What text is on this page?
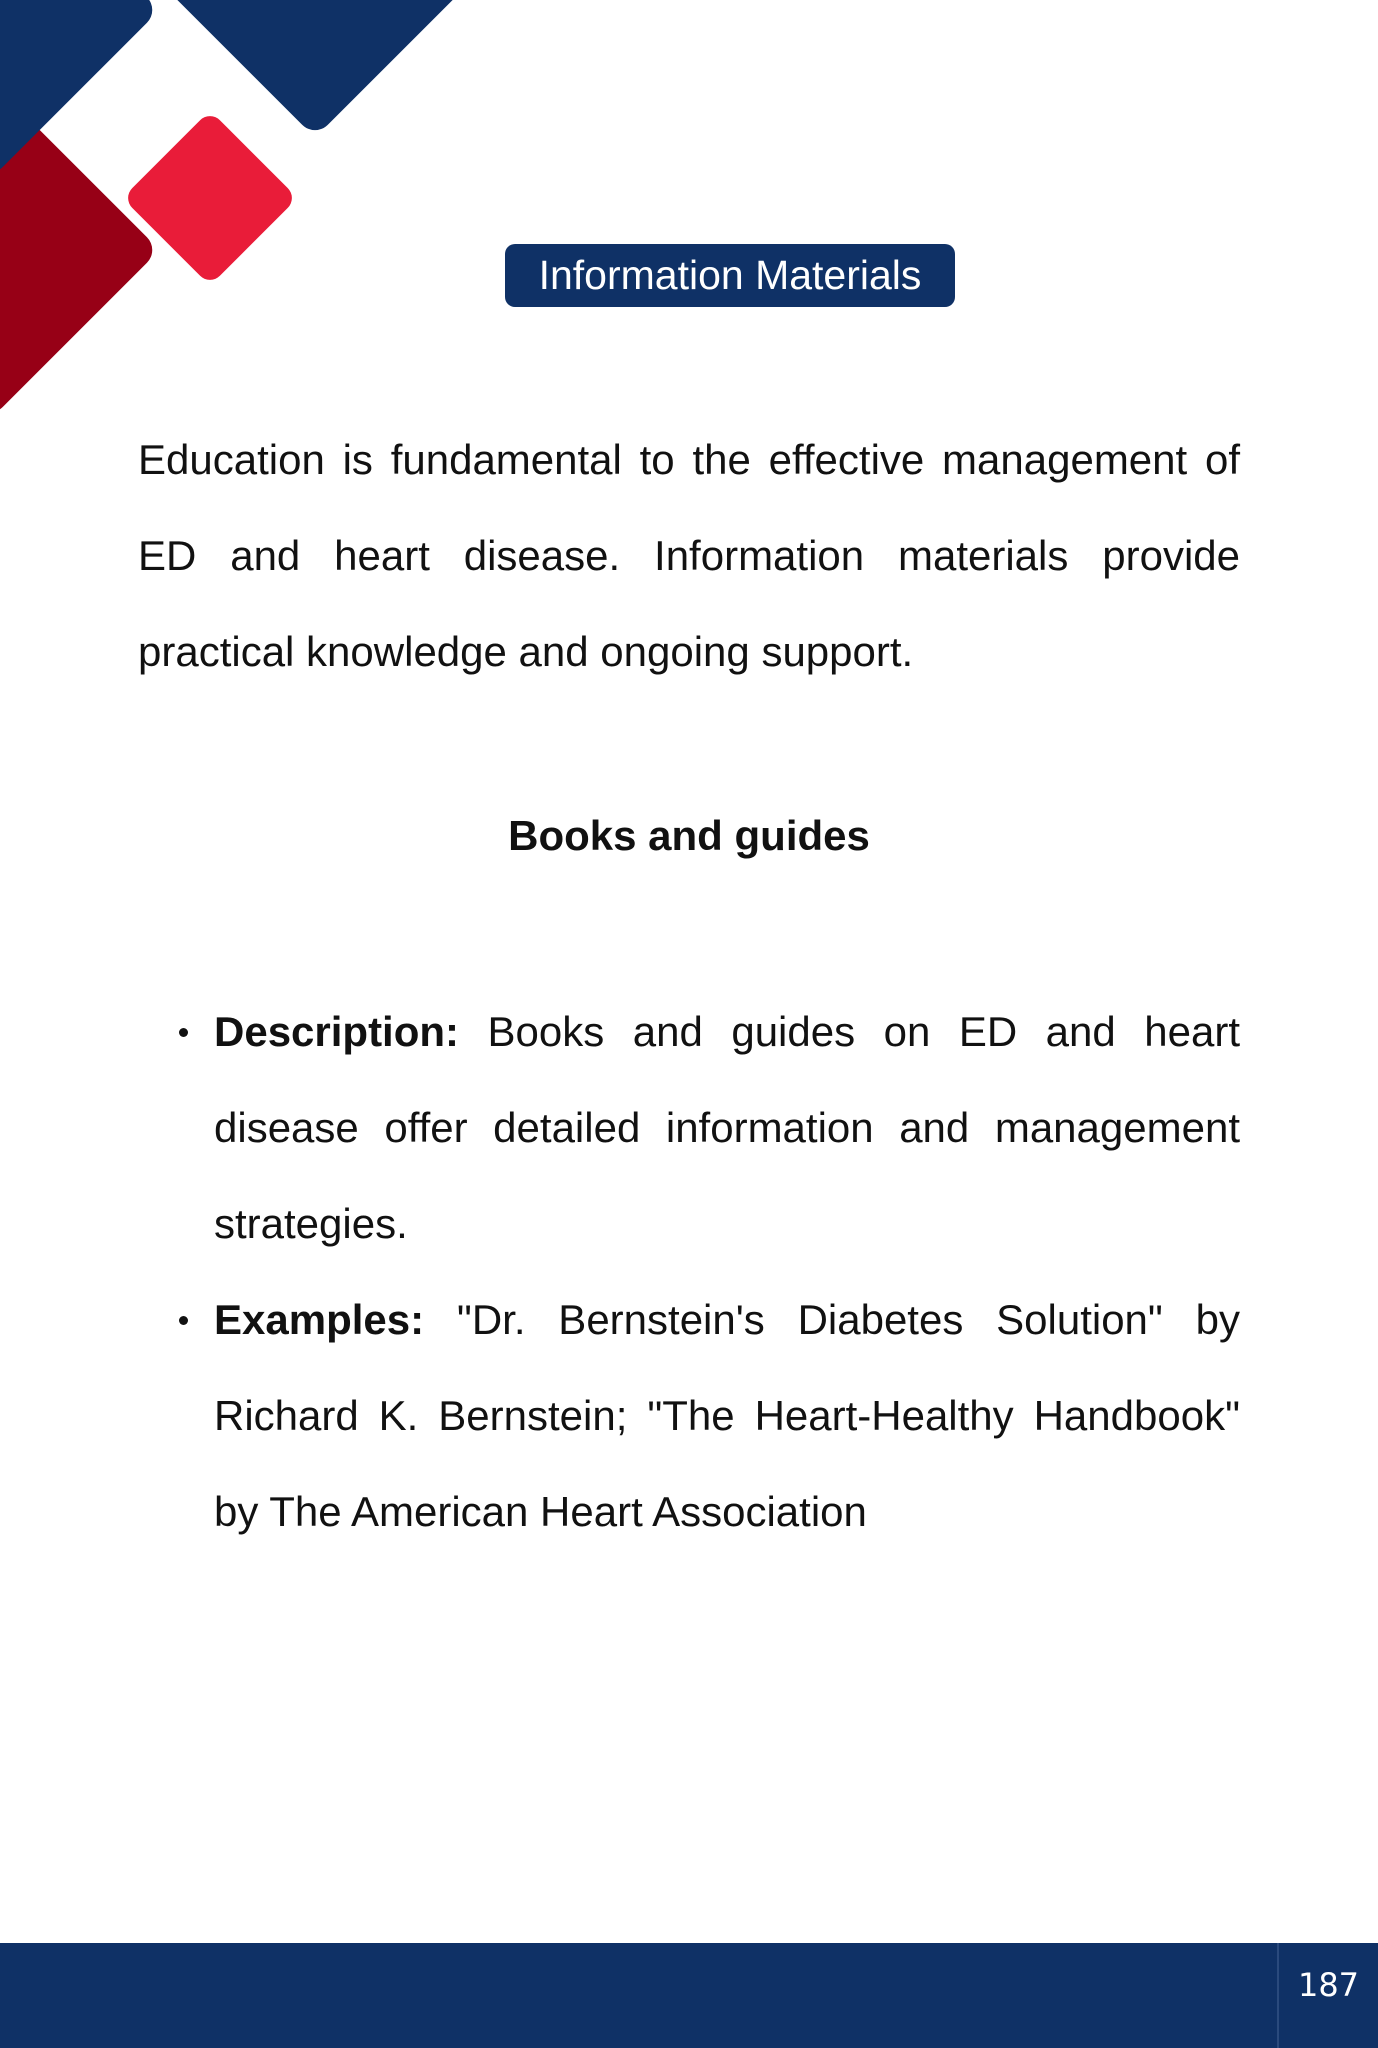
Information Materials

Education is fundamental to the effective management of ED and heart disease. Information materials provide practical knowledge and ongoing support.

Books and guides
Description: Books and guides on ED and heart disease offer detailed information and management strategies.
Examples: "Dr. Bernstein's Diabetes Solution" by Richard K. Bernstein; "The Heart-Healthy Handbook" by The American Heart Association
187
